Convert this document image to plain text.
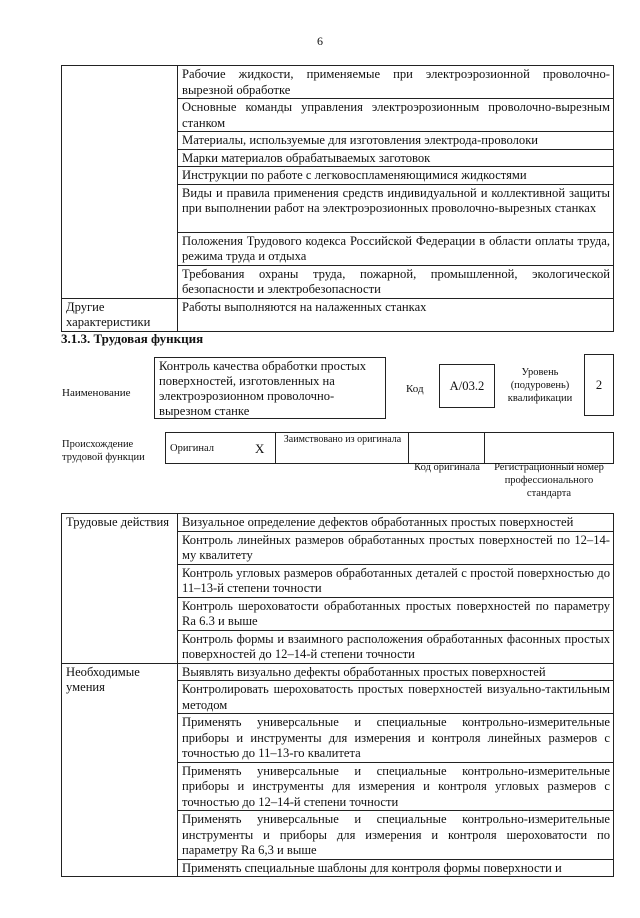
6
	Рабочие жидкости, применяемые при электроэрозионной проволочно-вырезной обработке
	Основные команды управления электроэрозионным проволочно-вырезным станком
	Материалы, используемые для изготовления электрода-проволоки
	Марки материалов обрабатываемых заготовок
	Инструкции по работе с легковоспламеняющимися жидкостями
	Виды и правила применения средств индивидуальной и коллективной защиты при выполнении работ на электроэрозионных проволочно-вырезных станках
	Положения Трудового кодекса Российской Федерации в области оплаты труда, режима труда и отдыха
	Требования охраны труда, пожарной, промышленной, экологической безопасности и электробезопасности
Другие характеристики	Работы выполняются на налаженных станках
3.1.3. Трудовая функция
Наименование
Контроль качества обработки простых поверхностей, изготовленных на электроэрозионном проволочно-вырезном станке
Код	А/03.2
Уровень (подуровень) квалификации
2
Происхождение трудовой функции
Оригинал	X	Заимствовано из оригинала		
Код оригинала	Регистрационный номер профессионального стандарта
Трудовые действия	Визуальное определение дефектов обработанных простых поверхностей
	Контроль линейных размеров обработанных простых поверхностей по 12–14-му квалитету
	Контроль угловых размеров обработанных деталей с простой поверхностью до 11–13-й степени точности
	Контроль шероховатости обработанных простых поверхностей по параметру Ra 6.3 и выше
	Контроль формы и взаимного расположения обработанных фасонных простых поверхностей до 12–14-й степени точности
Необходимые умения	Выявлять визуально дефекты обработанных простых поверхностей
	Контролировать шероховатость простых поверхностей визуально-тактильным методом
	Применять универсальные и специальные контрольно-измерительные приборы и инструменты для измерения и контроля линейных размеров с точностью до 11–13-го квалитета
	Применять универсальные и специальные контрольно-измерительные приборы и инструменты для измерения и контроля угловых размеров с точностью до 12–14-й степени точности
	Применять универсальные и специальные контрольно-измерительные инструменты и приборы для измерения и контроля шероховатости по параметру Ra 6,3 и выше
	Применять специальные шаблоны для контроля формы поверхности и
